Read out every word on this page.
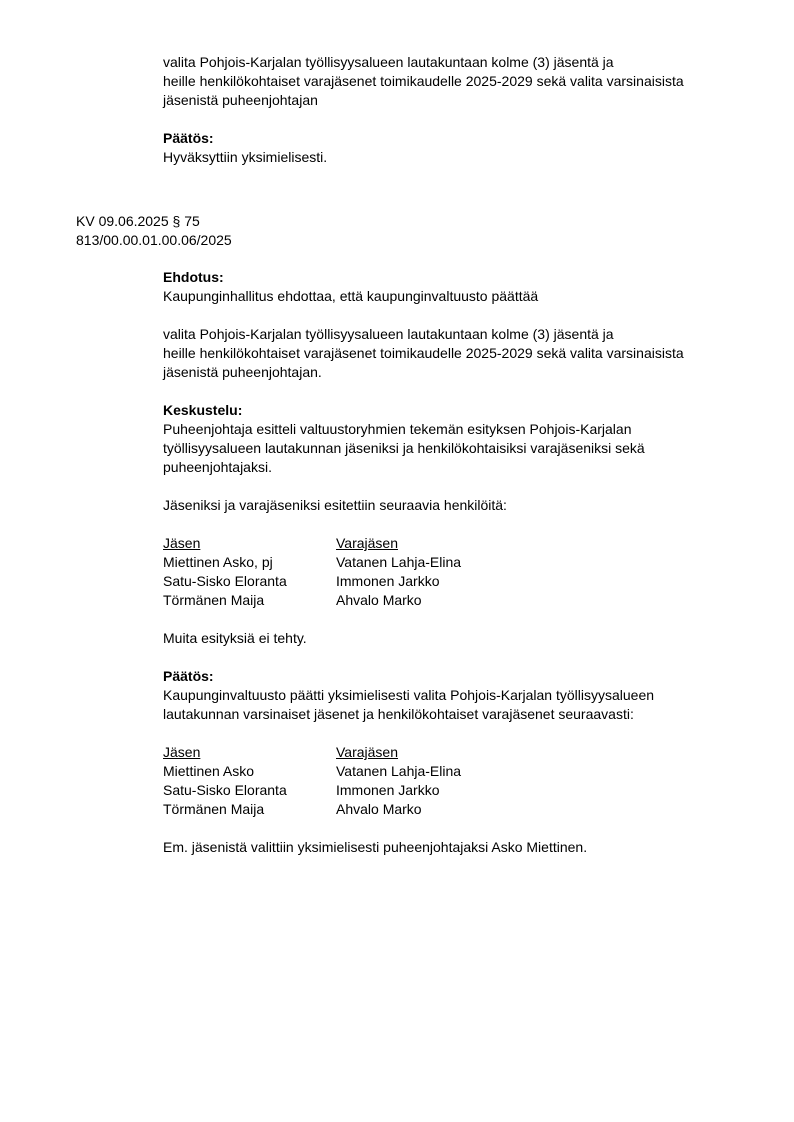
valita Pohjois-Karjalan työllisyysalueen lautakuntaan kolme (3) jäsentä ja
heille henkilökohtaiset varajäsenet toimikaudelle 2025-2029 sekä valita varsinaisista
jäsenistä puheenjohtajan
Päätös:
Hyväksyttiin yksimielisesti.
KV 09.06.2025 § 75
813/00.00.01.00.06/2025
Ehdotus:
Kaupunginhallitus ehdottaa, että kaupunginvaltuusto päättää
valita Pohjois-Karjalan työllisyysalueen lautakuntaan kolme (3) jäsentä ja
heille henkilökohtaiset varajäsenet toimikaudelle 2025-2029 sekä valita varsinaisista
jäsenistä puheenjohtajan.
Keskustelu:
Puheenjohtaja esitteli valtuustoryhmien tekemän esityksen Pohjois-Karjalan
työllisyysalueen lautakunnan jäseniksi ja henkilökohtaisiksi varajäseniksi sekä
puheenjohtajaksi.
Jäseniksi ja varajäseniksi esitettiin seuraavia henkilöitä:
Jäsen	Varajäsen
Miettinen Asko, pj	Vatanen Lahja-Elina
Satu-Sisko Eloranta	Immonen Jarkko
Törmänen Maija	Ahvalo Marko
Muita esityksiä ei tehty.
Päätös:
Kaupunginvaltuusto päätti yksimielisesti valita Pohjois-Karjalan työllisyysalueen
lautakunnan varsinaiset jäsenet ja henkilökohtaiset varajäsenet seuraavasti:
Jäsen	Varajäsen
Miettinen Asko	Vatanen Lahja-Elina
Satu-Sisko Eloranta	Immonen Jarkko
Törmänen Maija	Ahvalo Marko
Em. jäsenistä valittiin yksimielisesti puheenjohtajaksi Asko Miettinen.
